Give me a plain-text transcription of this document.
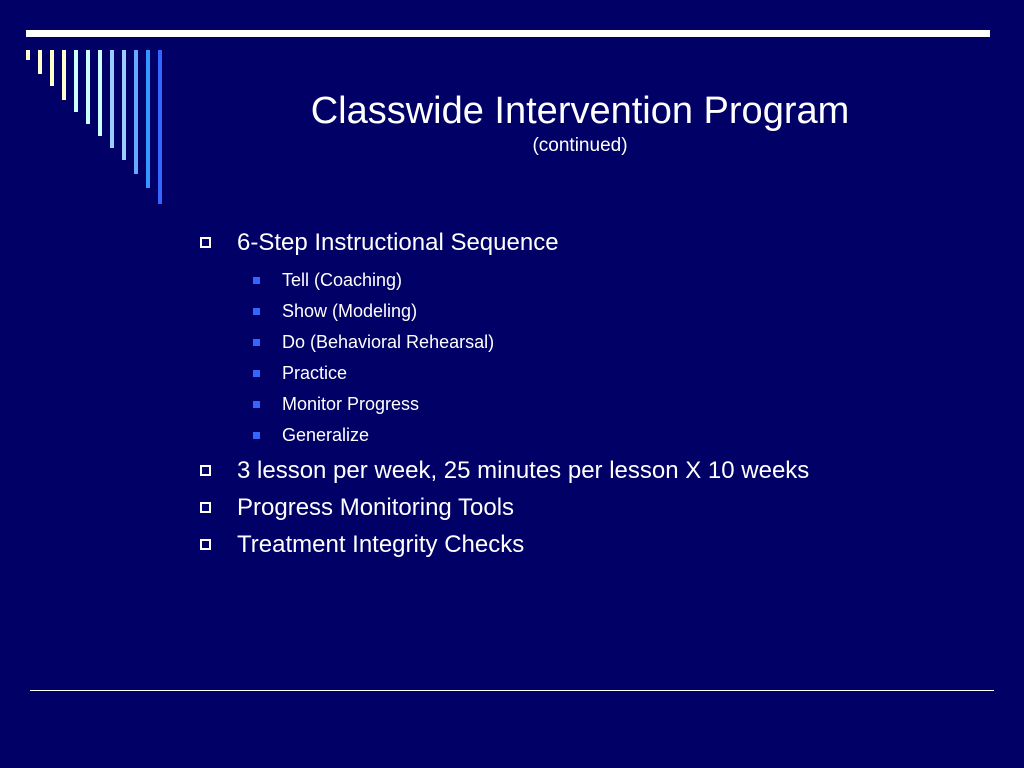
Classwide Intervention Program
(continued)
6-Step Instructional Sequence
Tell (Coaching)
Show (Modeling)
Do (Behavioral Rehearsal)
Practice
Monitor Progress
Generalize
3 lesson per week, 25 minutes per lesson X 10 weeks
Progress Monitoring Tools
Treatment Integrity Checks
